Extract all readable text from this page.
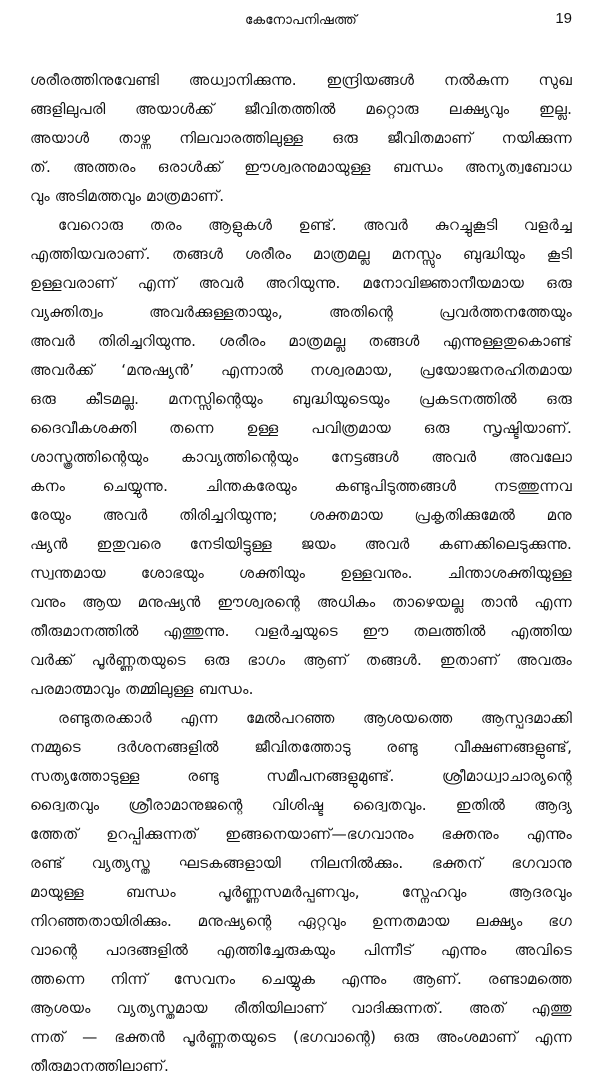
കേനോപനിഷത്ത്	19
ശരീരത്തിനുവേണ്ടി അധ്വാനിക്കുന്നു. ഇന്ദ്രിയങ്ങൾ നൽകുന്ന സുഖ
ങ്ങളിലുപരി അയാൾക്ക് ജീവിതത്തിൽ മറ്റൊരു ലക്ഷ്യവും ഇല്ല.
അയാൾ താഴ്ന്ന നിലവാരത്തിലുള്ള ഒരു ജീവിതമാണ് നയിക്കുന്ന
ത്. അത്തരം ഒരാൾക്ക് ഈശ്വരനുമായുള്ള ബന്ധം അന്യത്വബോധ
വും അടിമത്തവും മാത്രമാണ്.
വേറൊരു തരം ആളുകൾ ഉണ്ട്. അവർ കുറച്ചുകൂടി വളർച്ച
എത്തിയവരാണ്. തങ്ങൾ ശരീരം മാത്രമല്ല മനസ്സും ബുദ്ധിയും കൂടി
ഉള്ളവരാണ് എന്ന് അവർ അറിയുന്നു. മനോവിജ്ഞാനീയമായ ഒരു
വ്യക്തിത്വം അവർക്കുള്ളതായും, അതിന്റെ പ്രവർത്തനത്തേയും
അവർ തിരിച്ചറിയുന്നു. ശരീരം മാത്രമല്ല തങ്ങൾ എന്നുള്ളതുകൊണ്ട്
അവർക്ക് ‘മനുഷ്യൻ’ എന്നാൽ നശ്വരമായ, പ്രയോജനരഹിതമായ
ഒരു കീടമല്ല. മനസ്സിന്റെയും ബുദ്ധിയുടെയും പ്രകടനത്തിൽ ഒരു
ദൈവീകശക്തി തന്നെ ഉള്ള പവിത്രമായ ഒരു സൃഷ്ടിയാണ്.
ശാസ്ത്രത്തിന്റെയും കാവ്യത്തിന്റെയും നേട്ടങ്ങൾ അവർ അവലോ
കനം ചെയ്യുന്നു. ചിന്തകരേയും കണ്ടുപിടുത്തങ്ങൾ നടത്തുന്നവ
രേയും അവർ തിരിച്ചറിയുന്നു; ശക്തമായ പ്രകൃതിക്കുമേൽ മനു
ഷ്യൻ ഇതുവരെ നേടിയിട്ടുള്ള ജയം അവർ കണക്കിലെടുക്കുന്നു.
സ്വന്തമായ ശോഭയും ശക്തിയും ഉള്ളവനും. ചിന്താശക്തിയുള്ള
വനും ആയ മനുഷ്യൻ ഈശ്വരന്റെ അധികം താഴെയല്ല താൻ എന്ന
തീരുമാനത്തിൽ എത്തുന്നു. വളർച്ചയുടെ ഈ തലത്തിൽ എത്തിയ
വർക്ക് പൂർണ്ണതയുടെ ഒരു ഭാഗം ആണ് തങ്ങൾ. ഇതാണ് അവരും
പരമാത്മാവും തമ്മിലുള്ള ബന്ധം.
രണ്ടുതരക്കാർ എന്ന മേൽപറഞ്ഞ ആശയത്തെ ആസ്പദമാക്കി
നമ്മുടെ ദർശനങ്ങളിൽ ജീവിതത്തോടു രണ്ടു വീക്ഷണങ്ങളുണ്ട്,
സത്യത്തോടുള്ള രണ്ടു സമീപനങ്ങളുമുണ്ട്. ശ്രീമാധ്വാചാര്യന്റെ
ദ്വൈതവും ശ്രീരാമാനുജന്റെ വിശിഷ്ട ദ്വൈതവും. ഇതിൽ ആദ്യ
ത്തേത് ഉറപ്പിക്കുന്നത് ഇങ്ങനെയാണ്—ഭഗവാനും ഭക്തനും എന്നും
രണ്ട് വ്യത്യസ്ത ഘടകങ്ങളായി നിലനിൽക്കും. ഭക്തന് ഭഗവാനു
മായുള്ള ബന്ധം പൂർണ്ണസമർപ്പണവും, സ്നേഹവും ആദരവും
നിറഞ്ഞതായിരിക്കും. മനുഷ്യന്റെ ഏറ്റവും ഉന്നതമായ ലക്ഷ്യം ഭഗ
വാന്റെ പാദങ്ങളിൽ എത്തിച്ചേരുകയും പിന്നീട് എന്നും അവിടെ
ത്തന്നെ നിന്ന് സേവനം ചെയ്യുക എന്നും ആണ്. രണ്ടാമത്തെ
ആശയം വ്യത്യസ്തമായ രീതിയിലാണ് വാദിക്കുന്നത്. അത് എത്തു
ന്നത് — ഭക്തൻ പൂർണ്ണതയുടെ (ഭഗവാന്റെ) ഒരു അംശമാണ് എന്ന
തീരുമാനത്തിലാണ്.
